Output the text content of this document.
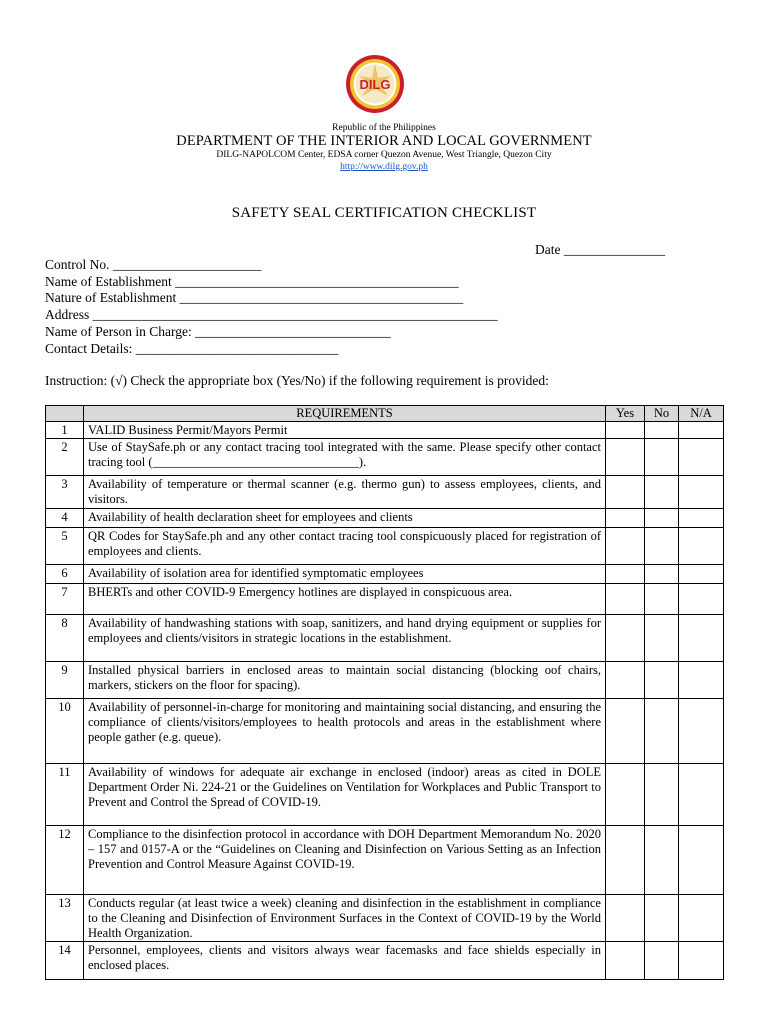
DILG
Republic of the Philippines
DEPARTMENT OF THE INTERIOR AND LOCAL GOVERNMENT
DILG-NAPOLCOM Center, EDSA corner Quezon Avenue, West Triangle, Quezon City
http://www.dilg.gov.ph
SAFETY SEAL CERTIFICATION CHECKLIST
Date _______________
Control No. ______________________
Name of Establishment __________________________________________
Nature of Establishment __________________________________________
Address ____________________________________________________________
Name of Person in Charge: _____________________________
Contact Details: ______________________________
Instruction: (√) Check the appropriate box (Yes/No) if the following requirement is provided:
	REQUIREMENTS	Yes	No	N/A
1	VALID Business Permit/Mayors Permit			
2	Use of StaySafe.ph or any contact tracing tool integrated with the same. Please specify other contact tracing tool (_________________________________).			
3	Availability of temperature or thermal scanner (e.g. thermo gun) to assess employees, clients, and visitors.			
4	Availability of health declaration sheet for employees and clients			
5	QR Codes for StaySafe.ph and any other contact tracing tool conspicuously placed for registration of employees and clients.			
6	Availability of isolation area for identified symptomatic employees			
7	BHERTs and other COVID-9 Emergency hotlines are displayed in conspicuous area.			
8	Availability of handwashing stations with soap, sanitizers, and hand drying equipment or supplies for employees and clients/visitors in strategic locations in the establishment.			
9	Installed physical barriers in enclosed areas to maintain social distancing (blocking oof chairs, markers, stickers on the floor for spacing).			
10	Availability of personnel-in-charge for monitoring and maintaining social distancing, and ensuring the compliance of clients/visitors/employees to health protocols and areas in the establishment where people gather (e.g. queue).			
11	Availability of windows for adequate air exchange in enclosed (indoor) areas as cited in DOLE Department Order Ni. 224-21 or the Guidelines on Ventilation for Workplaces and Public Transport to Prevent and Control the Spread of COVID-19.			
12	Compliance to the disinfection protocol in accordance with DOH Department Memorandum No. 2020 – 157 and 0157-A or the “Guidelines on Cleaning and Disinfection on Various Setting as an Infection Prevention and Control Measure Against COVID-19.			
13	Conducts regular (at least twice a week) cleaning and disinfection in the establishment in compliance to the Cleaning and Disinfection of Environment Surfaces in the Context of COVID-19 by the World Health Organization.			
14	Personnel, employees, clients and visitors always wear facemasks and face shields especially in enclosed places.			
